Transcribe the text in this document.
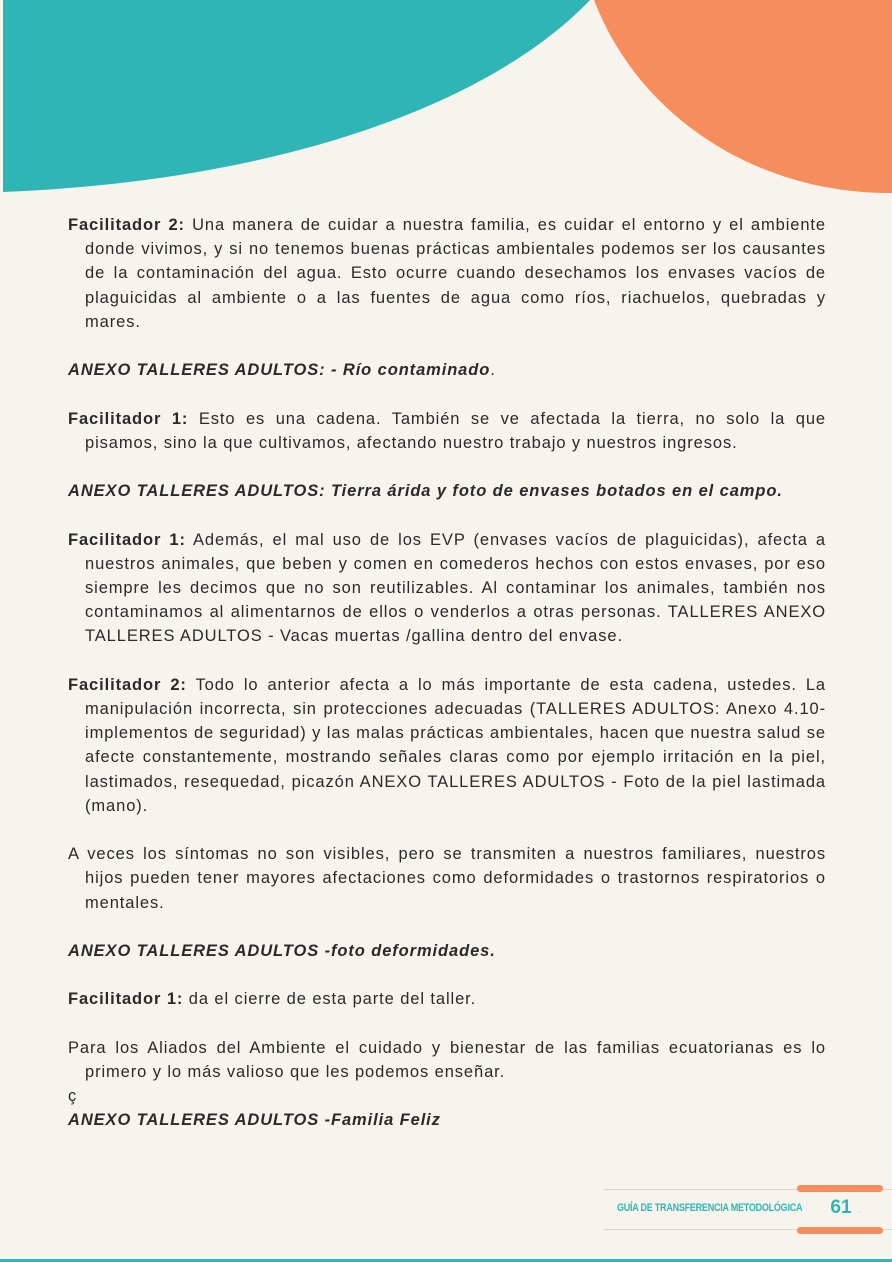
Facilitador 2: Una manera de cuidar a nuestra familia, es cuidar el entorno y el ambiente donde vivimos, y si no tenemos buenas prácticas ambientales podemos ser los causantes de la contaminación del agua. Esto ocurre cuando desechamos los envases vacíos de plaguicidas al ambiente o a las fuentes de agua como ríos, riachuelos, quebradas y mares.

ANEXO TALLERES ADULTOS: - Río contaminado.

Facilitador 1: Esto es una cadena. También se ve afectada la tierra, no solo la que pisamos, sino la que cultivamos, afectando nuestro trabajo y nuestros ingresos.

ANEXO TALLERES ADULTOS: Tierra árida y foto de envases botados en el campo.

Facilitador 1: Además, el mal uso de los EVP (envases vacíos de plaguicidas), afecta a nuestros animales, que beben y comen en comederos hechos con estos envases, por eso siempre les decimos que no son reutilizables. Al contaminar los animales, también nos contaminamos al alimentarnos de ellos o venderlos a otras personas. TALLERES ANEXO TALLERES ADULTOS - Vacas muertas /gallina dentro del envase.

Facilitador 2: Todo lo anterior afecta a lo más importante de esta cadena, ustedes. La manipulación incorrecta, sin protecciones adecuadas (TALLERES ADULTOS: Anexo 4.10- implementos de seguridad) y las malas prácticas ambientales, hacen que nuestra salud se afecte constantemente, mostrando señales claras como por ejemplo irritación en la piel, lastimados, resequedad, picazón ANEXO TALLERES ADULTOS - Foto de la piel lastimada (mano).

A veces los síntomas no son visibles, pero se transmiten a nuestros familiares, nuestros hijos pueden tener mayores afectaciones como deformidades o trastornos respiratorios o mentales.

ANEXO TALLERES ADULTOS -foto deformidades.

Facilitador 1: da el cierre de esta parte del taller.

Para los Aliados del Ambiente el cuidado y bienestar de las familias ecuatorianas es lo primero y lo más valioso que les podemos enseñar.

ç

ANEXO TALLERES ADULTOS -Familia Feliz

GUÍA DE TRANSFERENCIA METODOLÓGICA	61
